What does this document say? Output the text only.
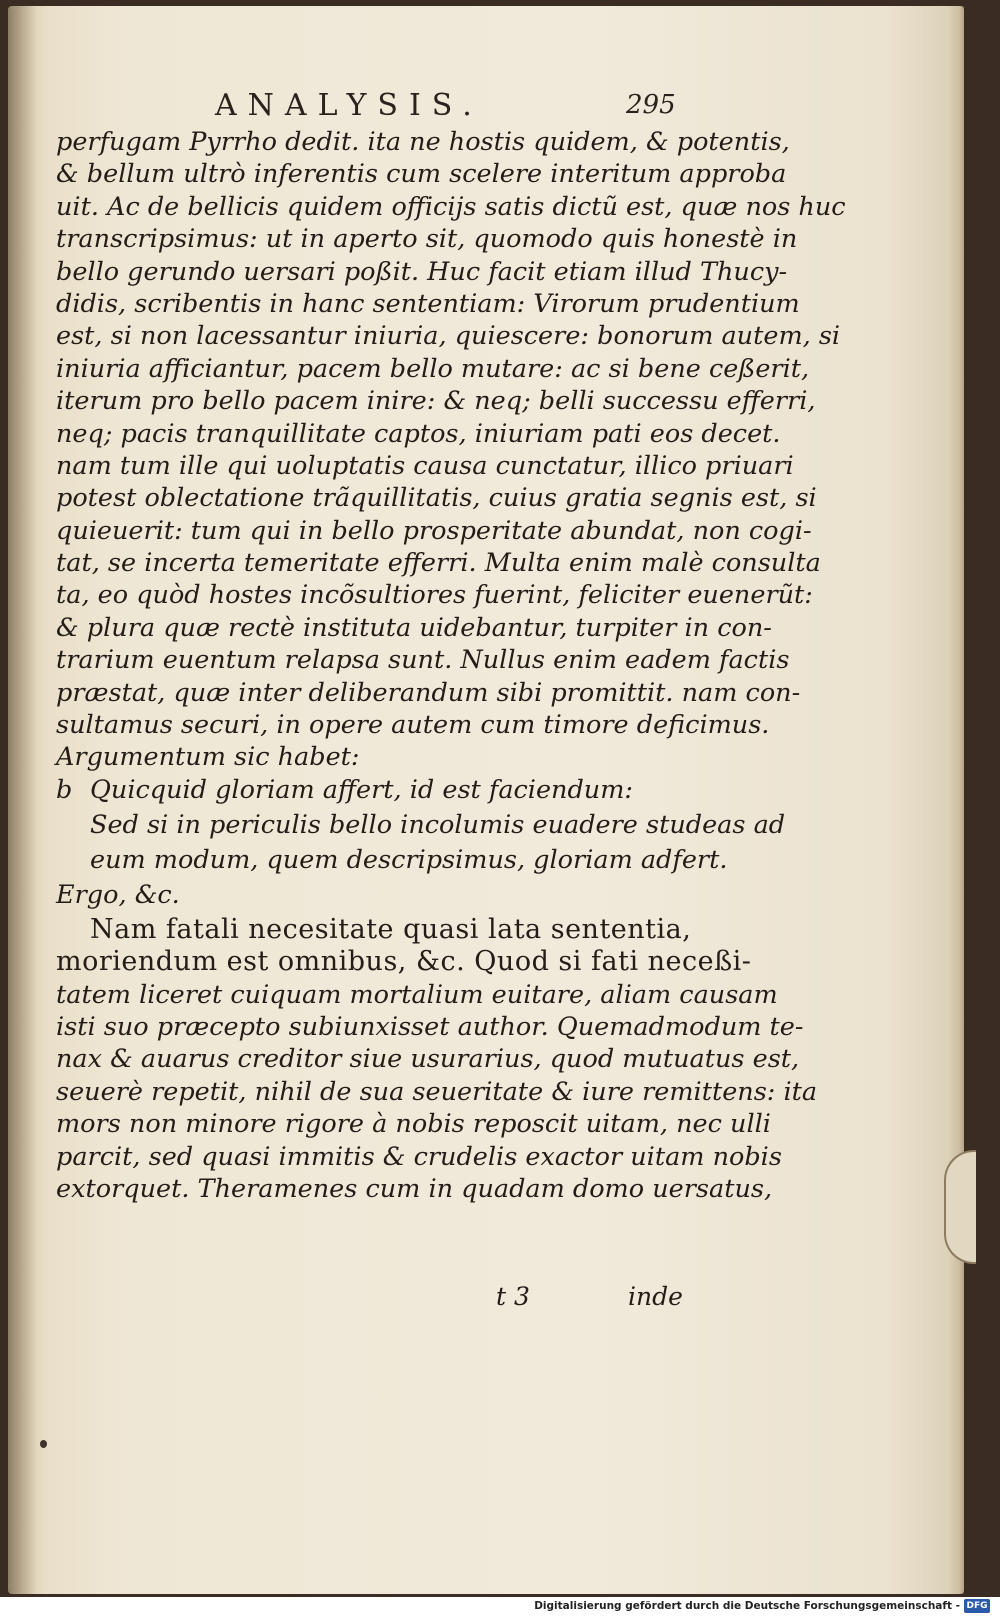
ANALYSIS.	295
perfugam Pyrrho dedit. ita ne hostis quidem, & potentis,
& bellum ultrò inferentis cum scelere interitum approba
uit. Ac de bellicis quidem officijs satis dictũ est, quæ nos huc
transcripsimus: ut in aperto sit, quomodo quis honestè in
bello gerundo uersari poßit. Huc facit etiam illud Thucy-
didis, scribentis in hanc sententiam: Virorum prudentium
est, si non lacessantur iniuria, quiescere: bonorum autem, si
iniuria afficiantur, pacem bello mutare: ac si bene ceßerit,
iterum pro bello pacem inire: & neq; belli successu efferri,
neq; pacis tranquillitate captos, iniuriam pati eos decet.
nam tum ille qui uoluptatis causa cunctatur, illico priuari
potest oblectatione trãquillitatis, cuius gratia segnis est, si
quieuerit: tum qui in bello prosperitate abundat, non cogi-
tat, se incerta temeritate efferri. Multa enim malè consulta
ta, eo quòd hostes incõsultiores fuerint, feliciter euenerũt:
& plura quæ rectè instituta uidebantur, turpiter in con-
trarium euentum relapsa sunt. Nullus enim eadem factis
præstat, quæ inter deliberandum sibi promittit. nam con-
sultamus securi, in opere autem cum timore deficimus.
Argumentum sic habet:
b Quicquid gloriam affert, id est faciendum:
Sed si in periculis bello incolumis euadere studeas ad
eum modum, quem descripsimus, gloriam adfert.
Ergo, &c.
Nam fatali necesitate quasi lata sententia,
moriendum est omnibus, &c. Quod si fati neceßi-
tatem liceret cuiquam mortalium euitare, aliam causam
isti suo præcepto subiunxisset author. Quemadmodum te-
nax & auarus creditor siue usurarius, quod mutuatus est,
seuerè repetit, nihil de sua seueritate & iure remittens: ita
mors non minore rigore à nobis reposcit uitam, nec ulli
parcit, sed quasi immitis & crudelis exactor uitam nobis
extorquet. Theramenes cum in quadam domo uersatus,
t 3	inde
Digitalisierung gefördert durch die Deutsche Forschungsgemeinschaft - DFG
